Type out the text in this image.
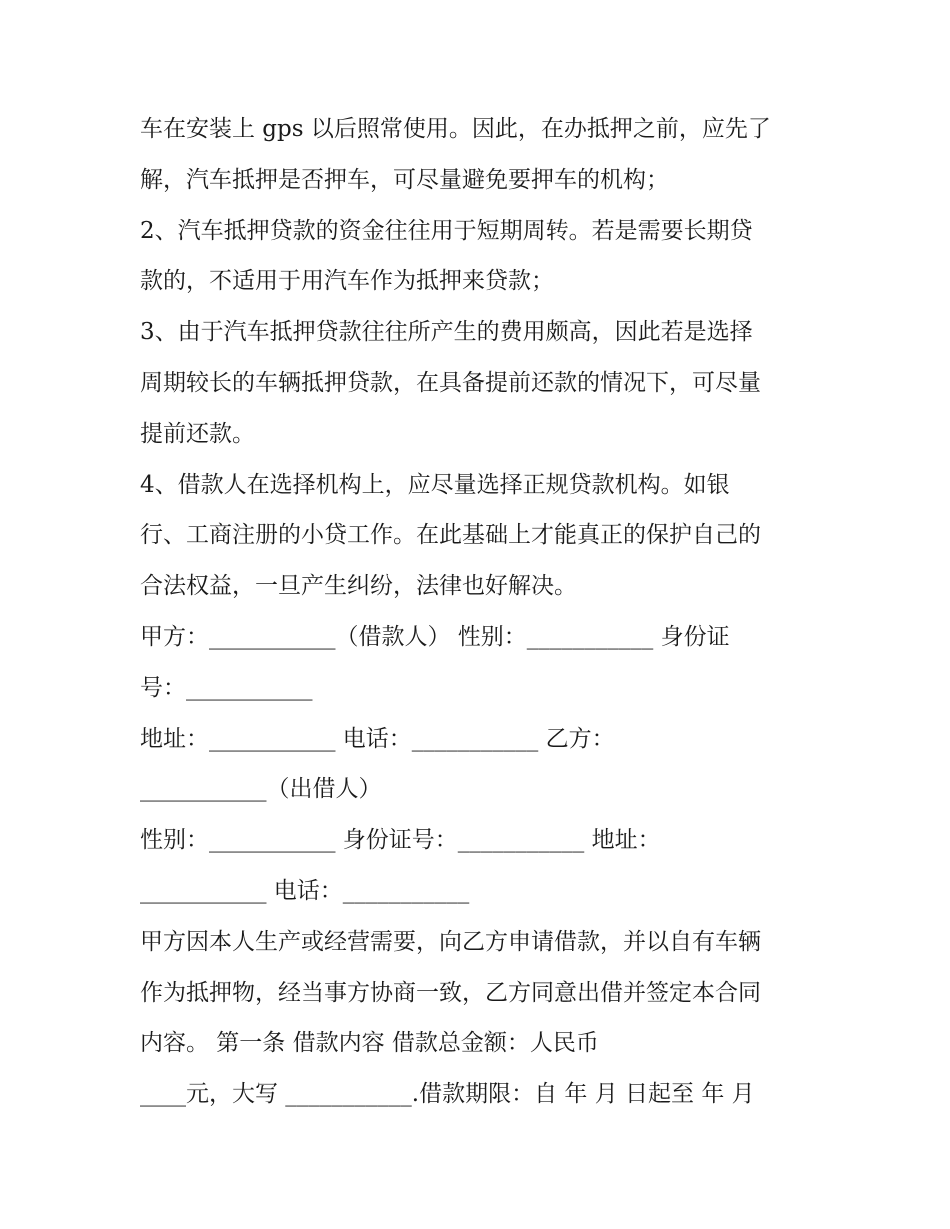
车在安装上 gps 以后照常使用。因此，在办抵押之前，应先了
解，汽车抵押是否押车，可尽量避免要押车的机构；
2、汽车抵押贷款的资金往往用于短期周转。若是需要长期贷
款的，不适用于用汽车作为抵押来贷款；
3、由于汽车抵押贷款往往所产生的费用颇高，因此若是选择
周期较长的车辆抵押贷款，在具备提前还款的情况下，可尽量
提前还款。
4、借款人在选择机构上，应尽量选择正规贷款机构。如银
行、工商注册的小贷工作。在此基础上才能真正的保护自己的
合法权益，一旦产生纠纷，法律也好解决。
甲方：___________（借款人） 性别：___________ 身份证
号：___________
地址：___________ 电话：___________ 乙方：
___________（出借人）
性别：___________ 身份证号：___________ 地址：
___________ 电话：___________
甲方因本人生产或经营需要，向乙方申请借款，并以自有车辆
作为抵押物，经当事方协商一致，乙方同意出借并签定本合同
内容。 第一条 借款内容 借款总金额：人民币
____元，大写 ___________.借款期限：自 年 月 日起至 年 月
